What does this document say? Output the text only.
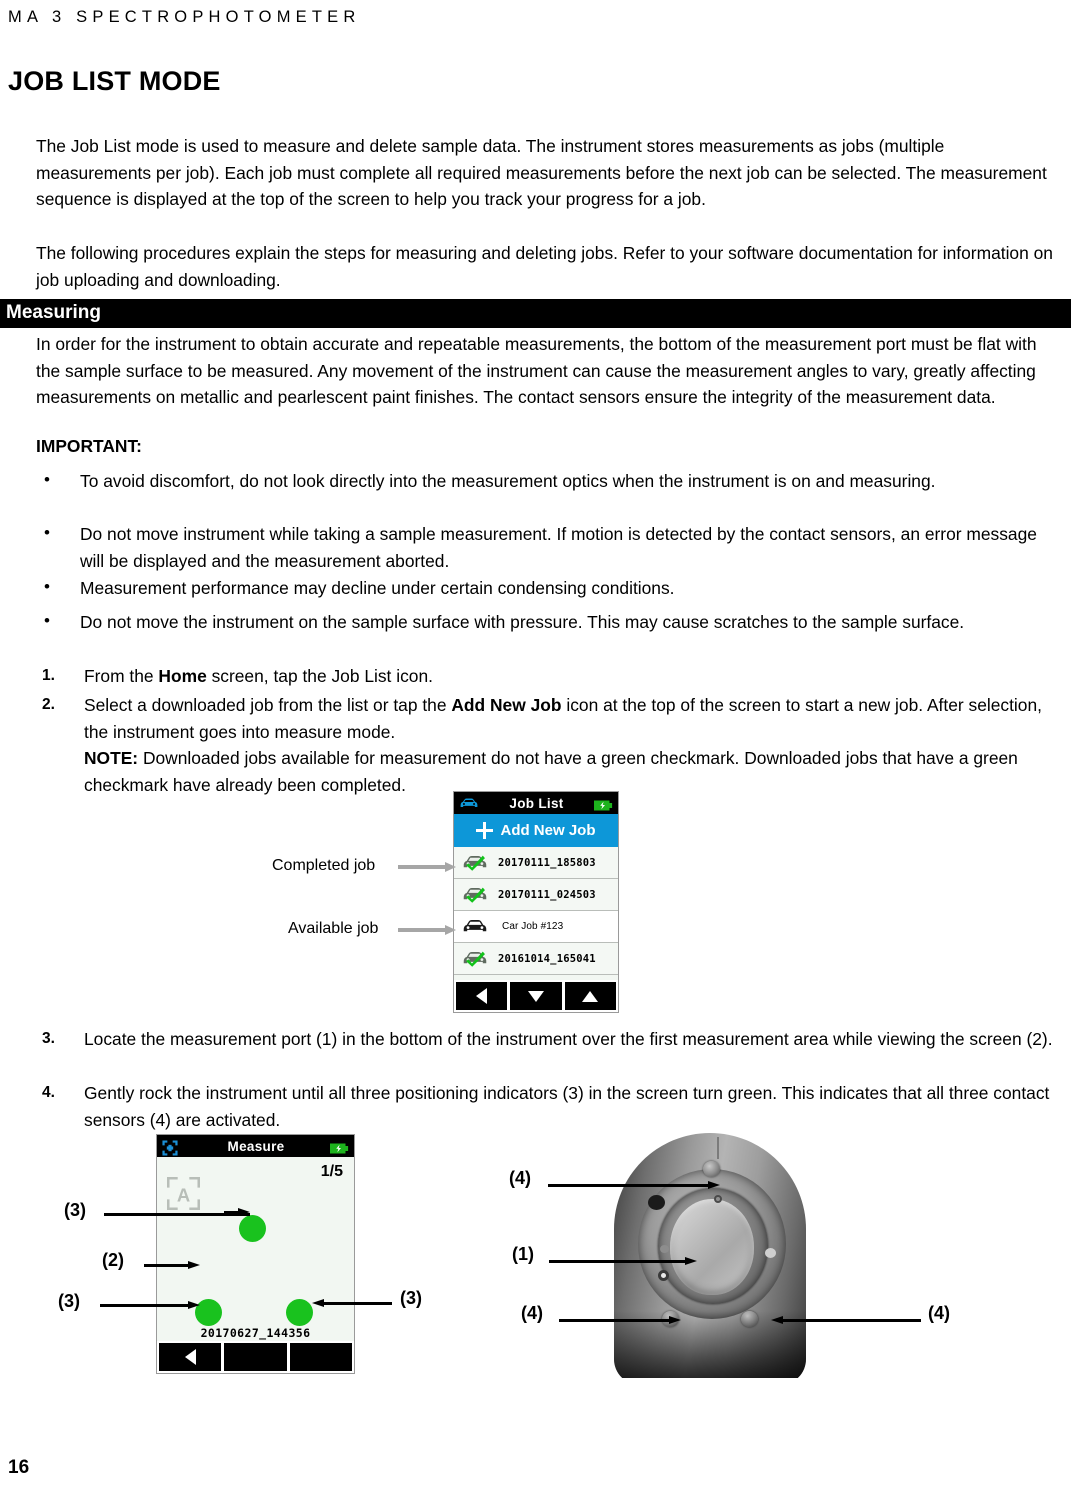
MA 3 SPECTROPHOTOMETER
JOB LIST MODE
The Job List mode is used to measure and delete sample data. The instrument stores measurements as jobs (multiple measurements per job). Each job must complete all required measurements before the next job can be selected. The measurement sequence is displayed at the top of the screen to help you track your progress for a job.
The following procedures explain the steps for measuring and deleting jobs. Refer to your software documentation for information on job uploading and downloading.
Measuring
In order for the instrument to obtain accurate and repeatable measurements, the bottom of the measurement port must be flat with the sample surface to be measured. Any movement of the instrument can cause the measurement angles to vary, greatly affecting measurements on metallic and pearlescent paint finishes. The contact sensors ensure the integrity of the measurement data.
IMPORTANT:
• To avoid discomfort, do not look directly into the measurement optics when the instrument is on and measuring.
• Do not move instrument while taking a sample measurement. If motion is detected by the contact sensors, an error message will be displayed and the measurement aborted.
• Measurement performance may decline under certain condensing conditions.
• Do not move the instrument on the sample surface with pressure. This may cause scratches to the sample surface.
1. From the Home screen, tap the Job List icon.
2. Select a downloaded job from the list or tap the Add New Job icon at the top of the screen to start a new job. After selection, the instrument goes into measure mode.
NOTE: Downloaded jobs available for measurement do not have a green checkmark. Downloaded jobs that have a green checkmark have already been completed.
Job List
Add New Job
20170111_185803
20170111_024503
Car Job #123
20161014_165041
Completed job
Available job
3. Locate the measurement port (1) in the bottom of the instrument over the first measurement area while viewing the screen (2).
4. Gently rock the instrument until all three positioning indicators (3) in the screen turn green. This indicates that all three contact sensors (4) are activated.
Measure
1/5
A
20170627_144356
(3)
(2)
(3)	(3)
(4)
(1)
(4)	(4)
16
